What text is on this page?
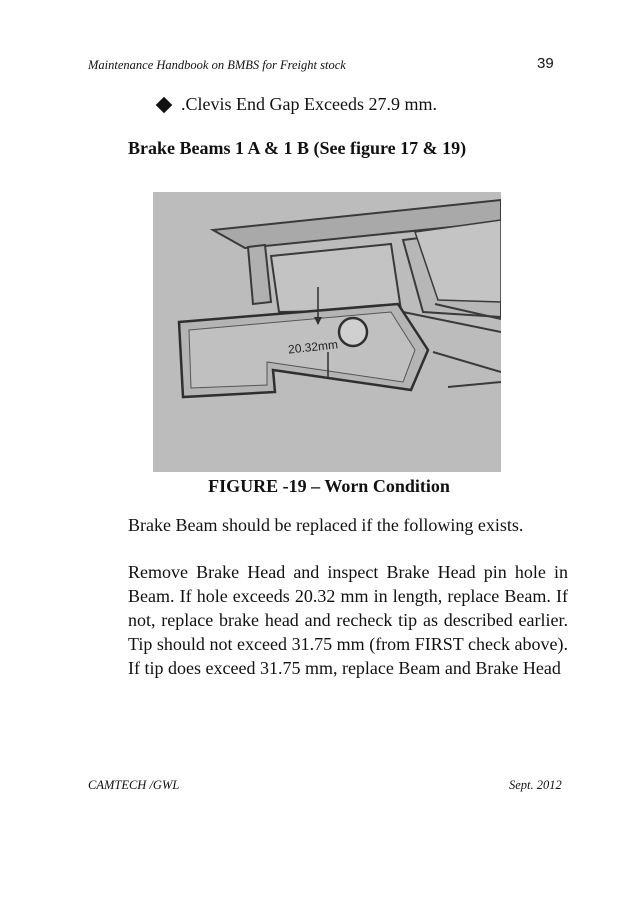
Maintenance Handbook on BMBS for Freight stock	39
.Clevis End Gap Exceeds 27.9 mm.
Brake Beams 1 A & 1 B (See figure 17 & 19)
20.32mm
FIGURE -19 – Worn Condition
Brake Beam should be replaced if the following exists.
Remove Brake Head and inspect Brake Head pin hole in Beam. If hole exceeds 20.32 mm in length, replace Beam. If not, replace brake head and recheck tip as described earlier. Tip should not exceed 31.75 mm (from FIRST check above). If tip does exceed 31.75 mm, replace Beam and Brake Head
CAMTECH /GWL	Sept. 2012
